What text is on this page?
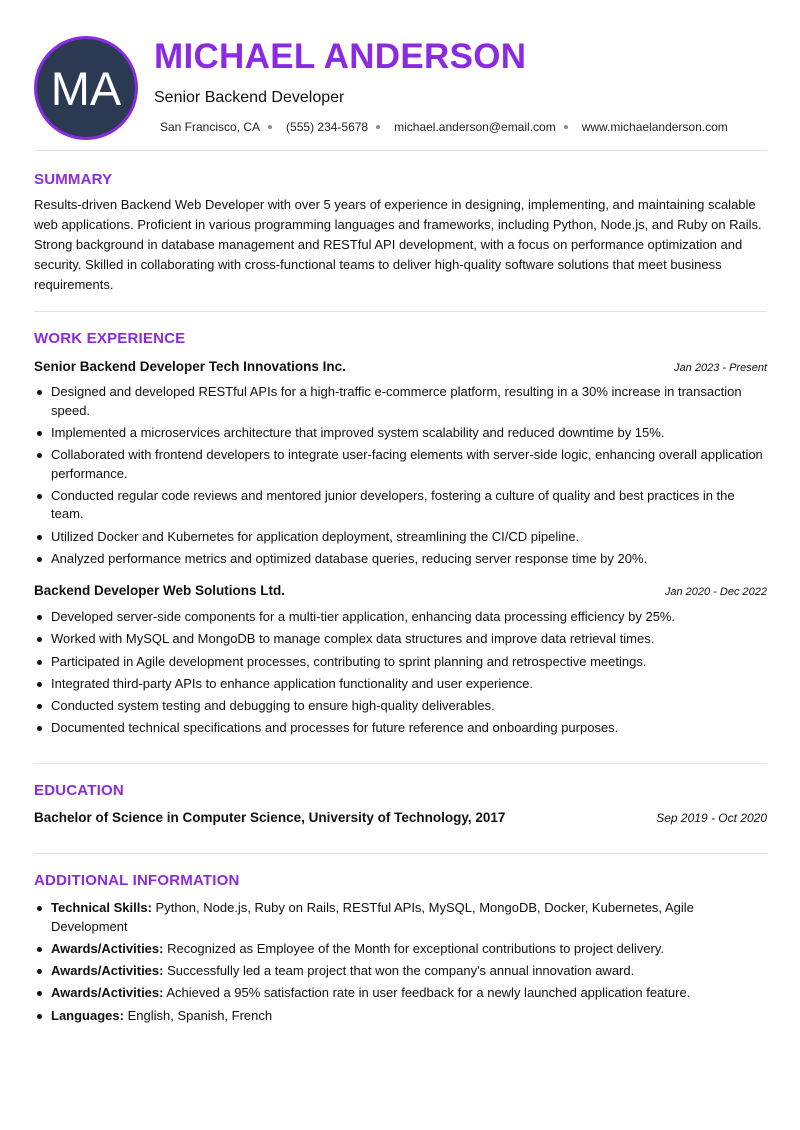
MA
MICHAEL ANDERSON
Senior Backend Developer
San Francisco, CA (555) 234-5678 michael.anderson@email.com www.michaelanderson.com
SUMMARY

Results-driven Backend Web Developer with over 5 years of experience in designing, implementing, and maintaining scalable web applications. Proficient in various programming languages and frameworks, including Python, Node.js, and Ruby on Rails. Strong background in database management and RESTful API development, with a focus on performance optimization and security. Skilled in collaborating with cross-functional teams to deliver high-quality software solutions that meet business requirements.

WORK EXPERIENCE
Senior Backend Developer Tech Innovations Inc.	Jan 2023 - Present
Designed and developed RESTful APIs for a high-traffic e-commerce platform, resulting in a 30% increase in transaction speed.
Implemented a microservices architecture that improved system scalability and reduced downtime by 15%.
Collaborated with frontend developers to integrate user-facing elements with server-side logic, enhancing overall application performance.
Conducted regular code reviews and mentored junior developers, fostering a culture of quality and best practices in the team.
Utilized Docker and Kubernetes for application deployment, streamlining the CI/CD pipeline.
Analyzed performance metrics and optimized database queries, reducing server response time by 20%.
Backend Developer Web Solutions Ltd.	Jan 2020 - Dec 2022
Developed server-side components for a multi-tier application, enhancing data processing efficiency by 25%.
Worked with MySQL and MongoDB to manage complex data structures and improve data retrieval times.
Participated in Agile development processes, contributing to sprint planning and retrospective meetings.
Integrated third-party APIs to enhance application functionality and user experience.
Conducted system testing and debugging to ensure high-quality deliverables.
Documented technical specifications and processes for future reference and onboarding purposes.
EDUCATION
Bachelor of Science in Computer Science, University of Technology, 2017	Sep 2019 - Oct 2020
ADDITIONAL INFORMATION
Technical Skills: Python, Node.js, Ruby on Rails, RESTful APIs, MySQL, MongoDB, Docker, Kubernetes, Agile Development
Awards/Activities: Recognized as Employee of the Month for exceptional contributions to project delivery.
Awards/Activities: Successfully led a team project that won the company's annual innovation award.
Awards/Activities: Achieved a 95% satisfaction rate in user feedback for a newly launched application feature.
Languages: English, Spanish, French
